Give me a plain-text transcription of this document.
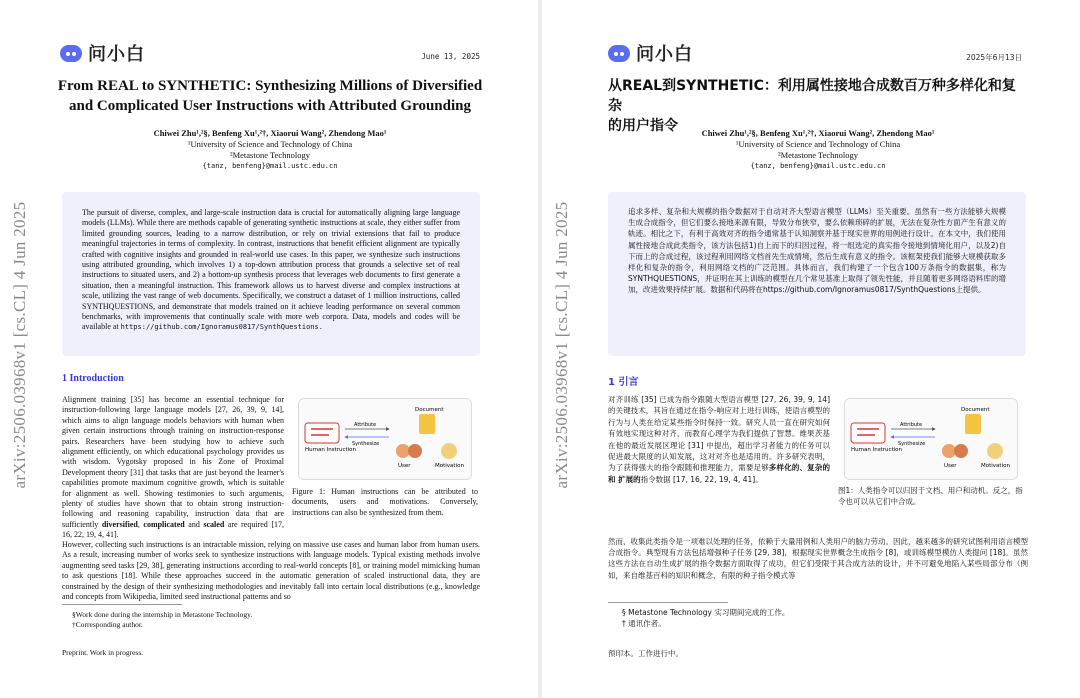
问小白	June 13, 2025
From REAL to SYNTHETIC: Synthesizing Millions of Diversified
and Complicated User Instructions with Attributed Grounding
Chiwei Zhu¹,²§, Benfeng Xu¹,²†, Xiaorui Wang², Zhendong Mao¹
¹University of Science and Technology of China
²Metastone Technology
{tanz, benfeng}@mail.ustc.edu.cn
arXiv:2506.03968v1 [cs.CL] 4 Jun 2025	The pursuit of diverse, complex, and large-scale instruction data is crucial for automatically aligning large language models (LLMs). While there are methods capable of generating synthetic instructions at scale, they either suffer from limited grounding sources, leading to a narrow distribution, or rely on trivial extensions that fail to produce meaningful trajectories in terms of complexity. In contrast, instructions that benefit efficient alignment are typically crafted with cognitive insights and grounded in real-world use cases. In this paper, we synthesize such instructions using attributed grounding, which involves 1) a top-down attribution process that grounds a selective set of real instructions to situated users, and 2) a bottom-up synthesis process that leverages web documents to first generate a situation, then a meaningful instruction. This framework allows us to harvest diverse and complex instructions at scale, utilizing the vast range of web documents. Specifically, we construct a dataset of 1 million instructions, called SYNTHQUESTIONS, and demonstrate that models trained on it achieve leading performance on several common benchmarks, with improvements that continually scale with more web corpora. Data, models and codes will be available at https://github.com/Ignoramus0817/SynthQuestions.
1 Introduction

Alignment training [35] has become an essential technique for instruction-following large language models [27, 26, 39, 9, 14], which aims to align language models behaviors with human when given certain instructions through training on instruction-response pairs. Researchers have been studying how to achieve such alignment efficiently, on which educational psychology provides us with wisdom. Vygotsky proposed in his Zone of Proximal Development theory [31] that tasks that are just beyond the learner's capabilities promote maximum cognitive growth, which is suitable for alignment as well. Showing testimonies to such arguments, plenty of studies have shown that to obtain strong instruction-following and reasoning capability, instruction data that are sufficiently diversified, complicated and scaled are required [17, 16, 22, 19, 4, 41].

Human Instruction
Attribute
Synthesize
Document
User	Motivation
Figure 1: Human instructions can be attributed to documents, users and motivations. Conversely, instructions can also be synthesized from them.
However, collecting such instructions is an intractable mission, relying on massive use cases and human labor from human users. As a result, increasing number of works seek to synthesize instructions with language models. Typical existing methods involve augmenting seed tasks [29, 38], generating instructions according to real-world concepts [8], or training model mimicking human to ask questions [18]. While these approaches succeed in the automatic generation of scaled instructional data, they are constrained by the design of their synthesizing methodologies and inevitably fall into certain local distributions (e.g., knowledge and concepts from Wikipedia, limited seed instructional patterns and so
§Work done during the internship in Metastone Technology.
†Corresponding author.
Preprint. Work in progress.
问小白	2025年6月13日
从REAL到SYNTHETIC：利用属性接地合成数百万种多样化和复杂
的用户指令	Chiwei Zhu¹,²§, Benfeng Xu¹,²†, Xiaorui Wang², Zhendong Mao¹
¹University of Science and Technology of China
²Metastone Technology
{tanz, benfeng}@mail.ustc.edu.cn
arXiv:2506.03968v1 [cs.CL] 4 Jun 2025	追求多样、复杂和大规模的指令数据对于自动对齐大型语言模型（LLMs）至关重要。虽然有一些方法能够大规模生成合成指令，但它们要么接地来源有限，导致分布狭窄，要么依赖琐碎的扩展，无法在复杂性方面产生有意义的轨迹。相比之下，有利于高效对齐的指令通常基于认知洞察并基于现实世界的用例进行设计。在本文中，我们使用属性接地合成此类指令，该方法包括1)自上而下的归因过程，将一组选定的真实指令接地到情境化用户，以及2)自下而上的合成过程，该过程利用网络文档首先生成情境，然后生成有意义的指令。该框架使我们能够大规模获取多样化和复杂的指令，利用网络文档的广泛范围。具体而言，我们构建了一个包含100万条指令的数据集，称为SYNTHQUESTIONS，并证明在其上训练的模型在几个常见基准上取得了领先性能，并且随着更多网络语料库的增加，改进效果持续扩展。数据和代码将在https://github.com/Ignoramus0817/SynthQuestions上提供。
1 引言
对齐训练 [35] 已成为指令跟随大型语言模型 [27, 26, 39, 9, 14] 的关键技术，其旨在通过在指令-响应对上进行训练，使语言模型的行为与人类在给定某些指令时保持一致。研究人员一直在研究如何有效地实现这种对齐，而教育心理学为我们提供了智慧。维果茨基在他的最近发展区理论 [31] 中提出，超出学习者能力的任务可以促进最大限度的认知发展，这对对齐也是适用的。许多研究表明，为了获得强大的指令跟随和推理能力，需要足够多样化的、复杂的和 扩展的指令数据 [17, 16, 22, 19, 4, 41]。
Human Instruction
Attribute
Synthesize
Document
User	Motivation
图1：人类指令可以归因于文档、用户和动机。反之，指令也可以从它们中合成。
然而，收集此类指令是一项难以处理的任务，依赖于大量用例和人类用户的脑力劳动。因此，越来越多的研究试图利用语言模型合成指令。典型现有方法包括增强种子任务 [29, 38]，根据现实世界概念生成指令 [8]，或训练模型模仿人类提问 [18]。虽然这些方法在自动生成扩展的指令数据方面取得了成功，但它们受限于其合成方法的设计，并不可避免地陷入某些局部分布（例如，来自维基百科的知识和概念、有限的种子指令模式等
§ Metastone Technology 实习期间完成的工作。
† 通讯作者。
预印本。工作进行中。
